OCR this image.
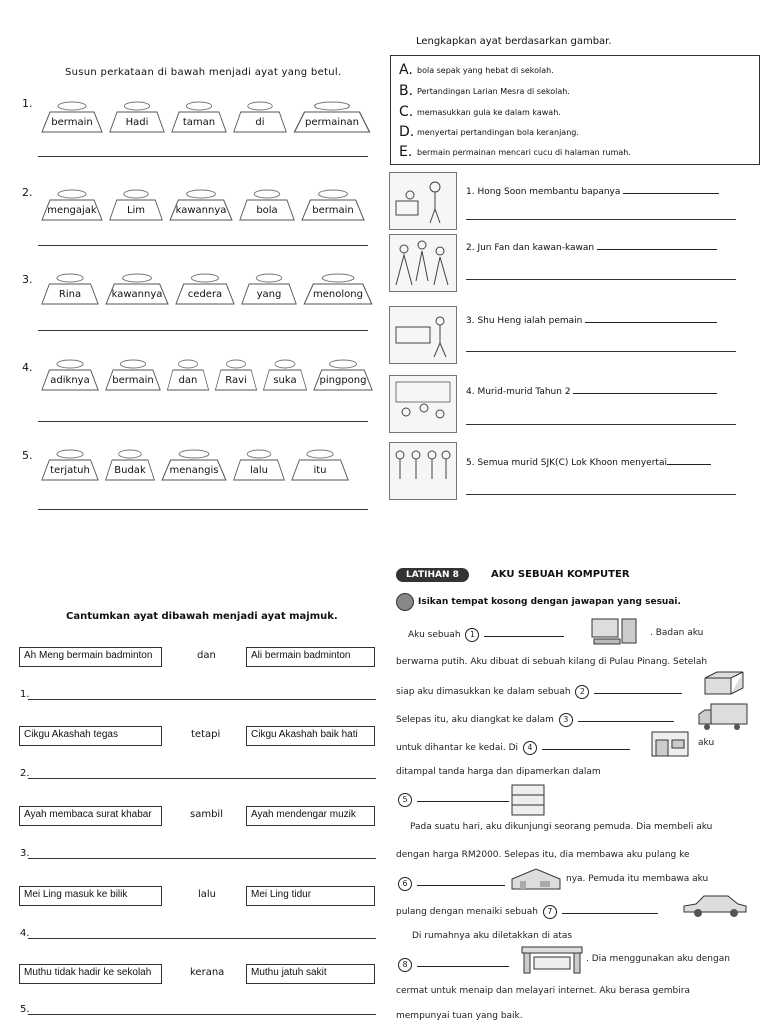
Susun perkataan di bawah menjadi ayat yang betul.
1.
bermain	Hadi	taman	di	permainan
2.
mengajak	Lim	kawannya	bola	bermain
3.
Rina	kawannya	cedera	yang	menolong
4.
adiknya bermain dan	Ravi	suka pingpong
5.
terjatuh Budak menangis	lalu	itu
Lengkapkan ayat berdasarkan gambar.
A. bola sepak yang hebat di sekolah.
B. Pertandingan Larian Mesra di sekolah.
C. memasukkan gula ke dalam kawah.
D. menyertai pertandingan bola keranjang.
E. bermain permainan mencari cucu di halaman rumah.
1. Hong Soon membantu bapanya
2. Jun Fan dan kawan-kawan
3. Shu Heng ialah pemain
4. Murid-murid Tahun 2
5. Semua murid SJK(C) Lok Khoon menyertai
Cantumkan ayat dibawah menjadi ayat majmuk.
Ah Meng bermain badminton	dan	Ali bermain badminton
1.
Cikgu Akashah tegas	tetapi	Cikgu Akashah baik hati
2.
Ayah membaca surat khabar	sambil	Ayah mendengar muzik
3.
Mei Ling masuk ke bilik	lalu	Mei Ling tidur
4.
Muthu tidak hadir ke sekolah	kerana	Muthu jatuh sakit
5.
LATIHAN 8	AKU SEBUAH KOMPUTER
Isikan tempat kosong dengan jawapan yang sesuai.
Aku sebuah 1	. Badan aku
berwarna putih. Aku dibuat di sebuah kilang di Pulau Pinang. Setelah
siap aku dimasukkan ke dalam sebuah 2
Selepas itu, aku diangkat ke dalam 3
untuk dihantar ke kedai. Di 4	aku
ditampal tanda harga dan dipamerkan dalam
5
Pada suatu hari, aku dikunjungi seorang pemuda. Dia membeli aku
dengan harga RM2000. Selepas itu, dia membawa aku pulang ke
6	nya. Pemuda itu membawa aku
pulang dengan menaiki sebuah 7
Di rumahnya aku diletakkan di atas
8
. Dia menggunakan aku dengan
cermat untuk menaip dan melayari internet. Aku berasa gembira
mempunyai tuan yang baik.
